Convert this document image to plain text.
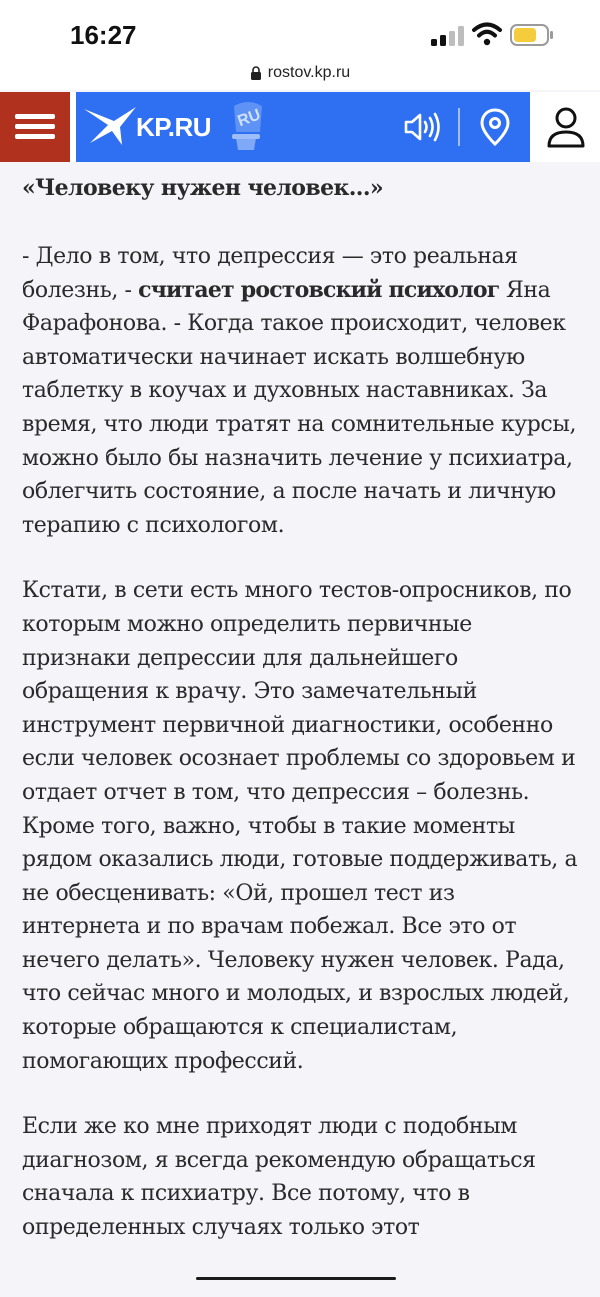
16:27
rostov.kp.ru
KP.RU RU
«Человеку нужен человек...»

- Дело в том, что депрессия — это реальная болезнь, - считает ростовский психолог Яна Фарафонова. - Когда такое происходит, человек автоматически начинает искать волшебную таблетку в коучах и духовных наставниках. За время, что люди тратят на сомнительные курсы, можно было бы назначить лечение у психиатра, облегчить состояние, а после начать и личную терапию с психологом.

Кстати, в сети есть много тестов-опросников, по которым можно определить первичные признаки депрессии для дальнейшего обращения к врачу. Это замечательный инструмент первичной диагностики, особенно если человек осознает проблемы со здоровьем и отдает отчет в том, что депрессия – болезнь. Кроме того, важно, чтобы в такие моменты рядом оказались люди, готовые поддерживать, а не обесценивать: «Ой, прошел тест из интернета и по врачам побежал. Все это от нечего делать». Человеку нужен человек. Рада, что сейчас много и молодых, и взрослых людей, которые обращаются к специалистам, помогающих профессий.

Если же ко мне приходят люди с подобным диагнозом, я всегда рекомендую обращаться сначала к психиатру. Все потому, что в определенных случаях только этот
